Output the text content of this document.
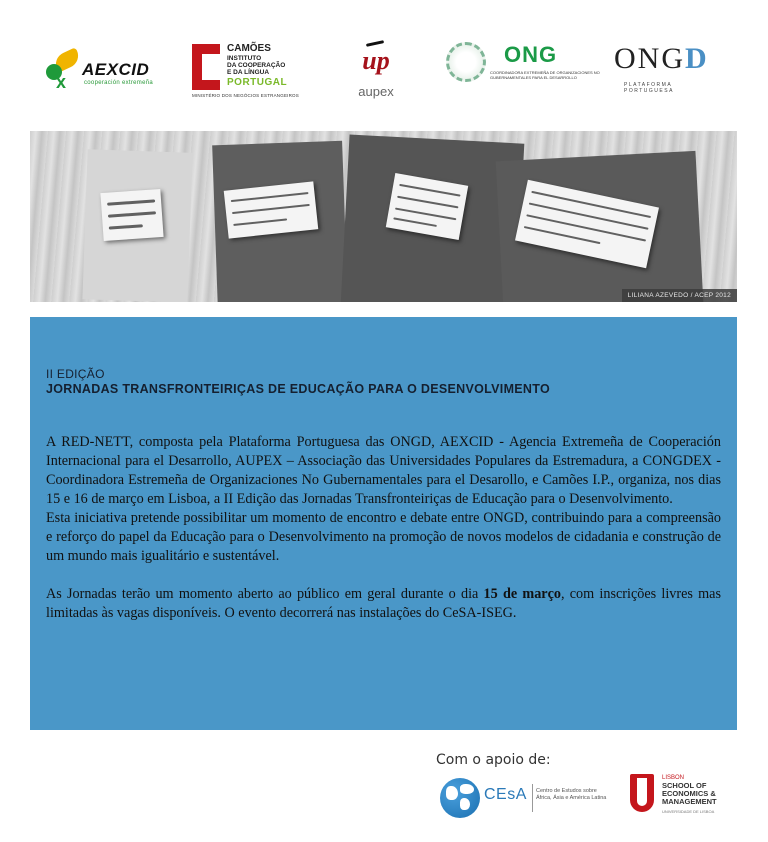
x
AEXCID
cooperación extremeña
CAMÕES
INSTITUTO
DA COOPERAÇÃO
E DA LÍNGUA
PORTUGAL
MINISTÉRIO DOS NEGÓCIOS ESTRANGEIROS
up
aupex
ONG
COORDINADORA EXTREMEÑA DE ORGANIZACIONES NO GUBERNAMENTALES PARA EL DESARROLLO
ONGD
PLATAFORMA PORTUGUESA
LILIANA AZEVEDO / ACEP 2012
II EDIÇÃO
JORNADAS TRANSFRONTEIRIÇAS DE EDUCAÇÃO PARA O DESENVOLVIMENTO

A RED-NETT, composta pela Plataforma Portuguesa das ONGD, AEXCID - Agencia Extremeña de Cooperación Internacional para el Desarrollo, AUPEX – Associação das Universidades Populares da Estremadura, a CONGDEX - Coordinadora Estremeña de Organizaciones No Gubernamentales para el Desarollo, e Camões I.P., organiza, nos dias 15 e 16 de março em Lisboa, a II Edição das Jornadas Transfronteiriças de Educação para o Desenvolvimento.

Esta iniciativa pretende possibilitar um momento de encontro e debate entre ONGD, contribuindo para a compreensão e reforço do papel da Educação para o Desenvolvimento na promoção de novos modelos de cidadania e construção de um mundo mais igualitário e sustentável.

As Jornadas terão um momento aberto ao público em geral durante o dia 15 de março, com inscrições livres mas limitadas às vagas disponíveis. O evento decorrerá nas instalações do CeSA-ISEG.

Com o apoio de:
CEsA Centro de Estudos sobre
África, Ásia e América Latina
LISBON
SCHOOL OF
ECONOMICS &
MANAGEMENT
UNIVERSIDADE DE LISBOA
